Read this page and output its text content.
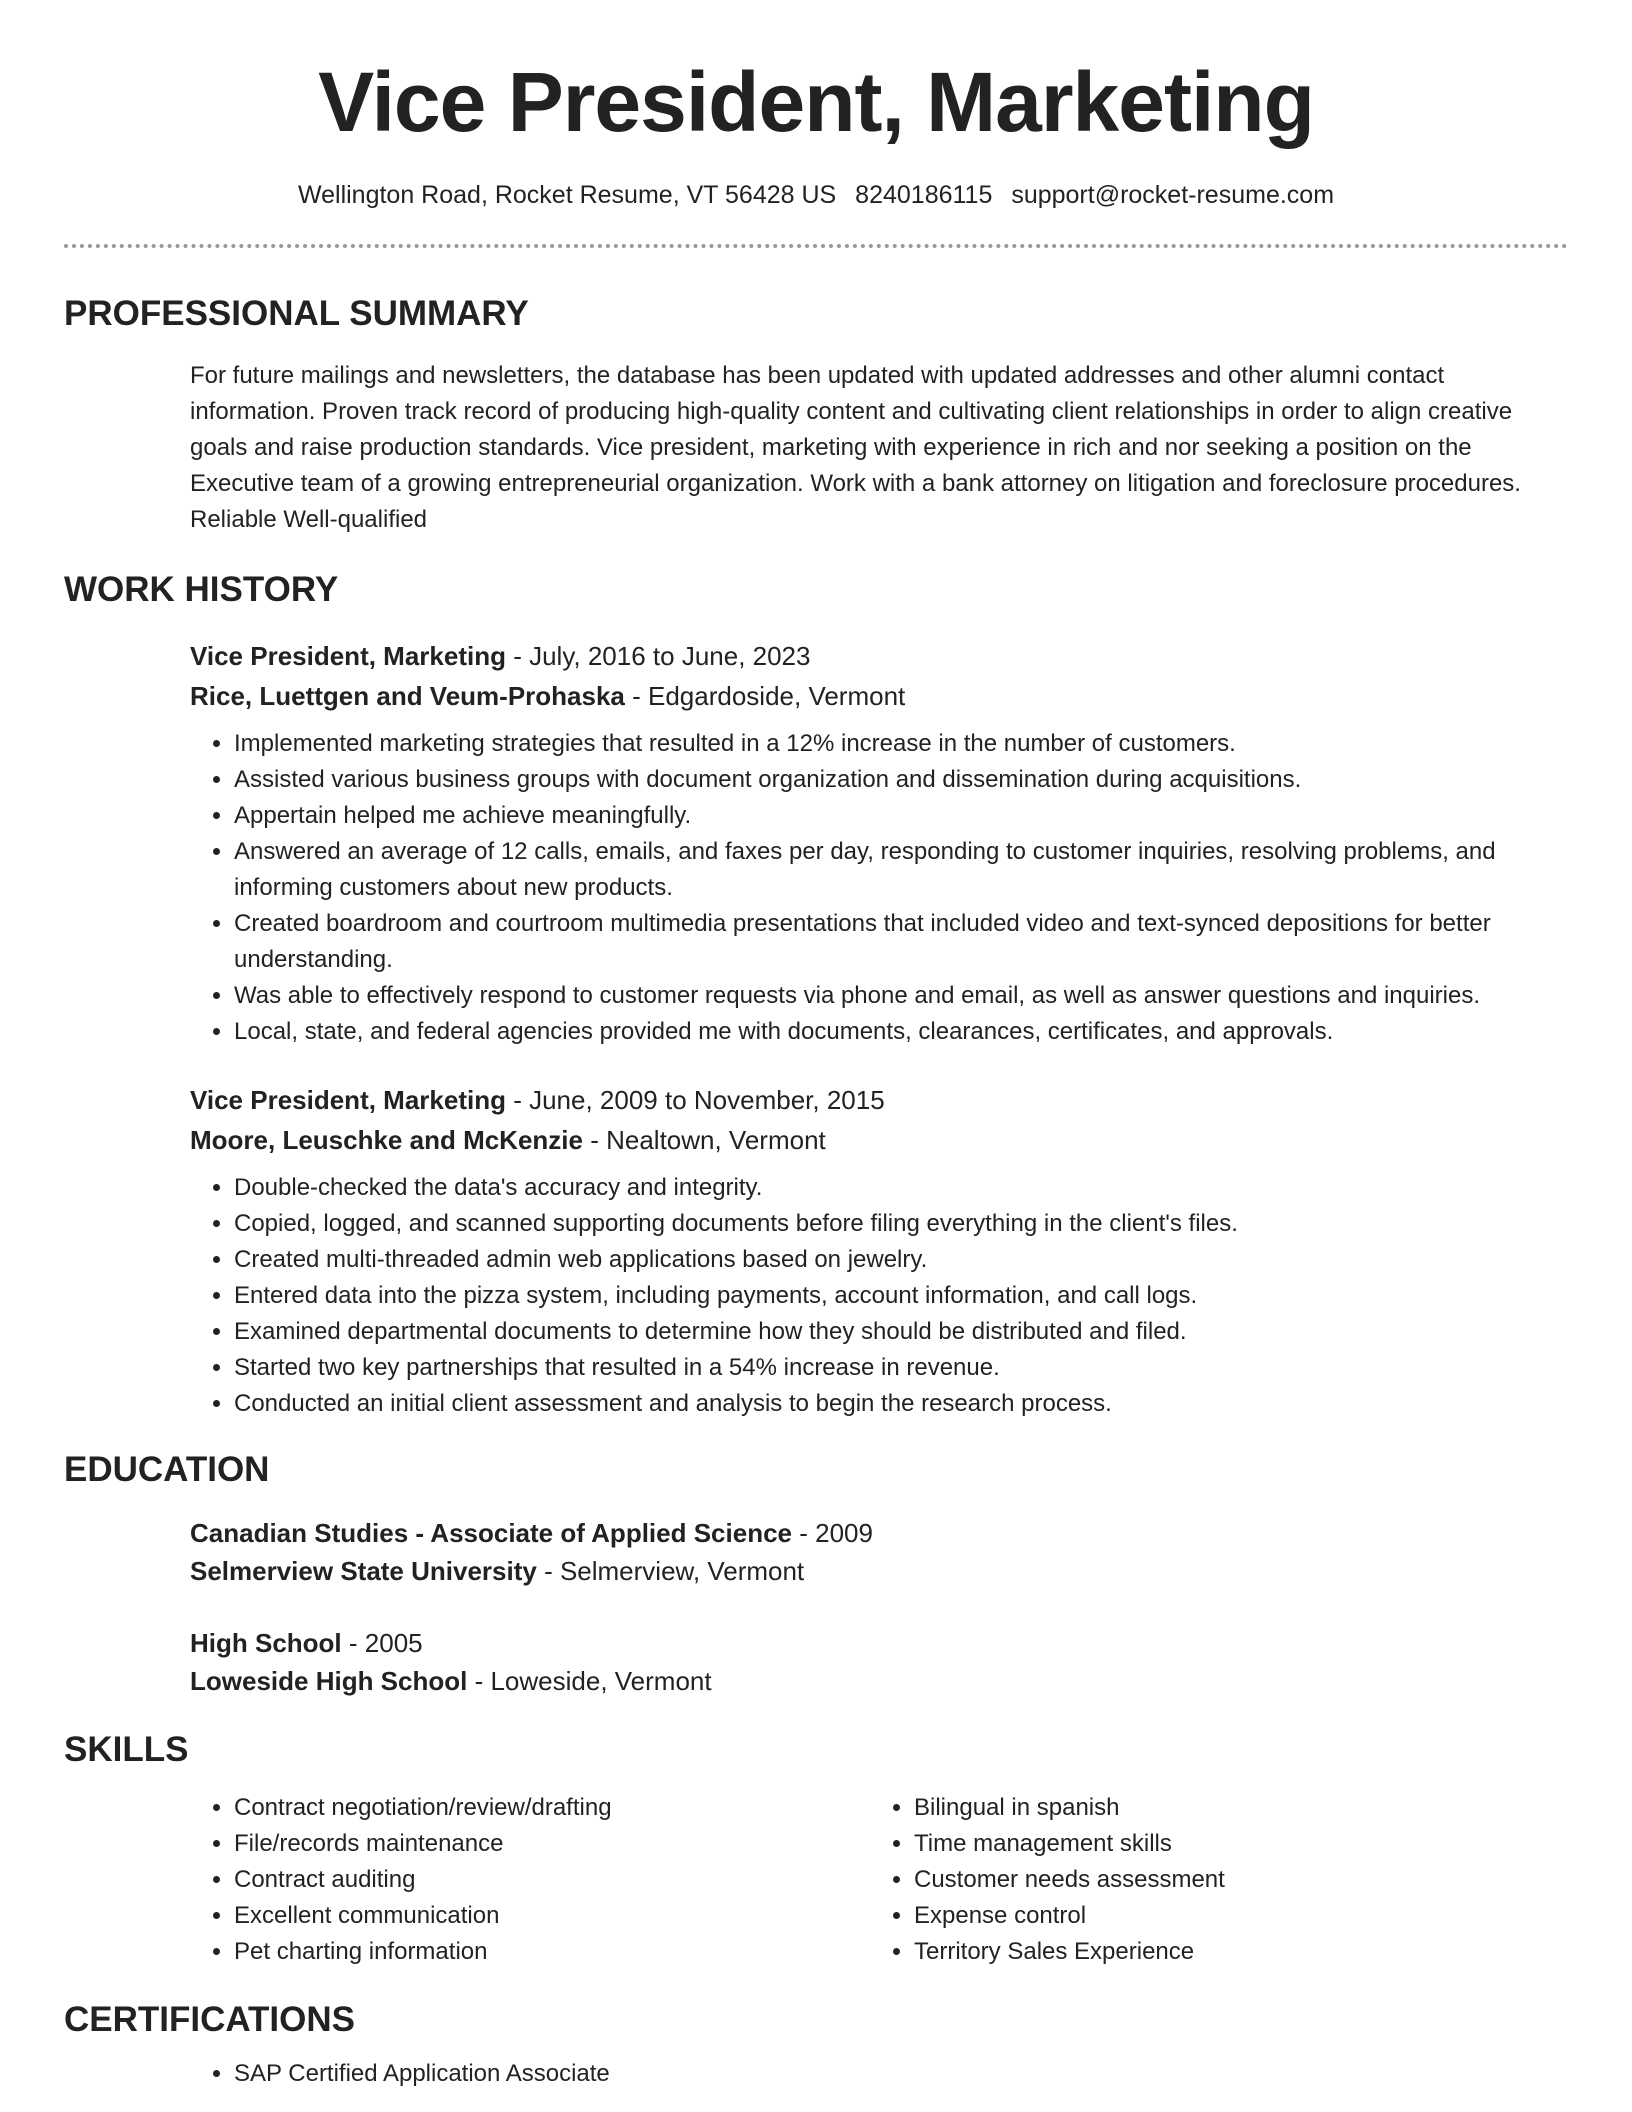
Vice President, Marketing
Wellington Road, Rocket Resume, VT 56428 US 8240186115 support@rocket-resume.com
PROFESSIONAL SUMMARY

For future mailings and newsletters, the database has been updated with updated addresses and other alumni contact information. Proven track record of producing high-quality content and cultivating client relationships in order to align creative goals and raise production standards. Vice president, marketing with experience in rich and nor seeking a position on the Executive team of a growing entrepreneurial organization. Work with a bank attorney on litigation and foreclosure procedures. Reliable Well-qualified

WORK HISTORY
Vice President, Marketing - July, 2016 to June, 2023
Rice, Luettgen and Veum-Prohaska - Edgardoside, Vermont
• Implemented marketing strategies that resulted in a 12% increase in the number of customers.
• Assisted various business groups with document organization and dissemination during acquisitions.
• Appertain helped me achieve meaningfully.
• Answered an average of 12 calls, emails, and faxes per day, responding to customer inquiries, resolving problems, and informing customers about new products.
• Created boardroom and courtroom multimedia presentations that included video and text-synced depositions for better understanding.
• Was able to effectively respond to customer requests via phone and email, as well as answer questions and inquiries.
• Local, state, and federal agencies provided me with documents, clearances, certificates, and approvals.
Vice President, Marketing - June, 2009 to November, 2015
Moore, Leuschke and McKenzie - Nealtown, Vermont
• Double-checked the data's accuracy and integrity.
• Copied, logged, and scanned supporting documents before filing everything in the client's files.
• Created multi-threaded admin web applications based on jewelry.
• Entered data into the pizza system, including payments, account information, and call logs.
• Examined departmental documents to determine how they should be distributed and filed.
• Started two key partnerships that resulted in a 54% increase in revenue.
• Conducted an initial client assessment and analysis to begin the research process.
EDUCATION
Canadian Studies - Associate of Applied Science - 2009
Selmerview State University - Selmerview, Vermont
High School - 2005
Loweside High School - Loweside, Vermont
SKILLS
• Contract negotiation/review/drafting
• File/records maintenance
• Contract auditing
• Excellent communication
• Pet charting information
• Bilingual in spanish
• Time management skills
• Customer needs assessment
• Expense control
• Territory Sales Experience
CERTIFICATIONS
• SAP Certified Application Associate
